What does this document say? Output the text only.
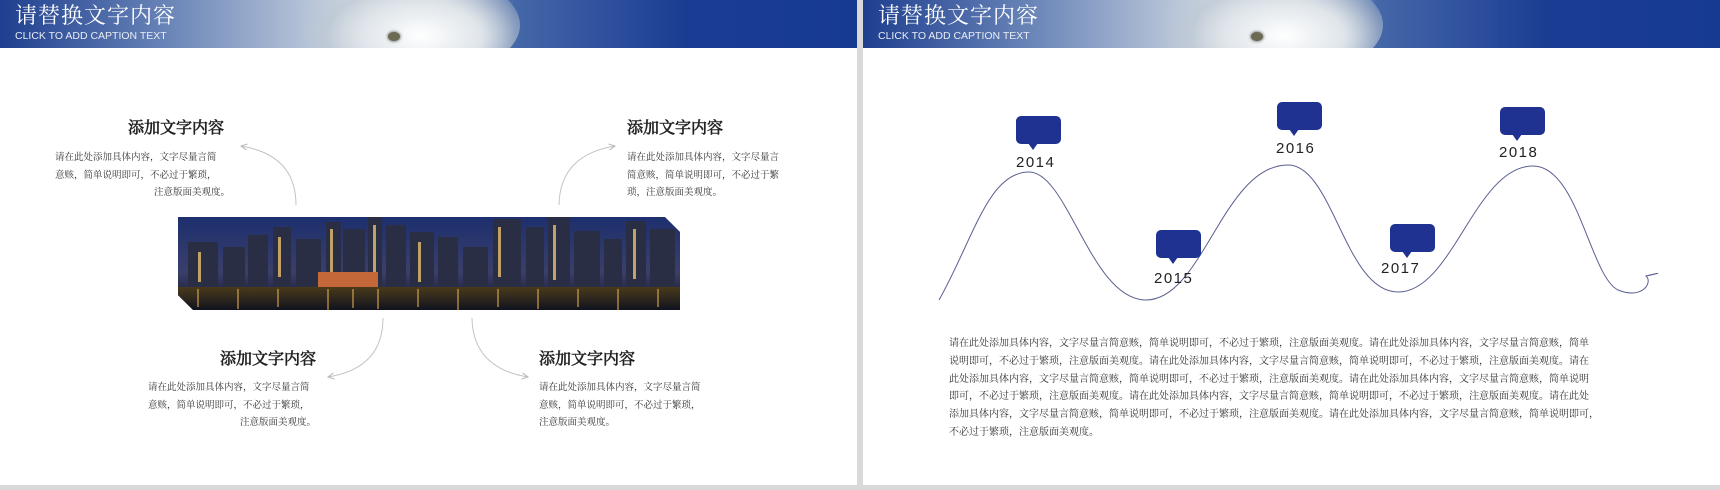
请替换文字内容
CLICK TO ADD CAPTION TEXT
添加文字内容
请在此处添加具体内容，文字尽量言简
意赅，简单说明即可，不必过于繁琐，
注意版面美观度。
添加文字内容
请在此处添加具体内容，文字尽量言
简意赅，简单说明即可，不必过于繁
琐，注意版面美观度。
添加文字内容
请在此处添加具体内容，文字尽量言简
意赅，简单说明即可，不必过于繁琐，
注意版面美观度。
添加文字内容
请在此处添加具体内容，文字尽量言简
意赅，简单说明即可，不必过于繁琐，
注意版面美观度。
请替换文字内容
CLICK TO ADD CAPTION TEXT
2014
2015
2016
2017
2018
请在此处添加具体内容，文字尽量言简意赅，简单说明即可，不必过于繁琐，注意版面美观度。请在此处添加具体内容，文字尽量言简意赅，简单
说明即可，不必过于繁琐，注意版面美观度。请在此处添加具体内容，文字尽量言简意赅，简单说明即可，不必过于繁琐，注意版面美观度。请在
此处添加具体内容，文字尽量言简意赅，简单说明即可，不必过于繁琐，注意版面美观度。请在此处添加具体内容，文字尽量言简意赅，简单说明
即可，不必过于繁琐，注意版面美观度。请在此处添加具体内容，文字尽量言简意赅，简单说明即可，不必过于繁琐，注意版面美观度。请在此处
添加具体内容，文字尽量言简意赅，简单说明即可，不必过于繁琐，注意版面美观度。请在此处添加具体内容，文字尽量言简意赅，简单说明即可，
不必过于繁琐，注意版面美观度。
